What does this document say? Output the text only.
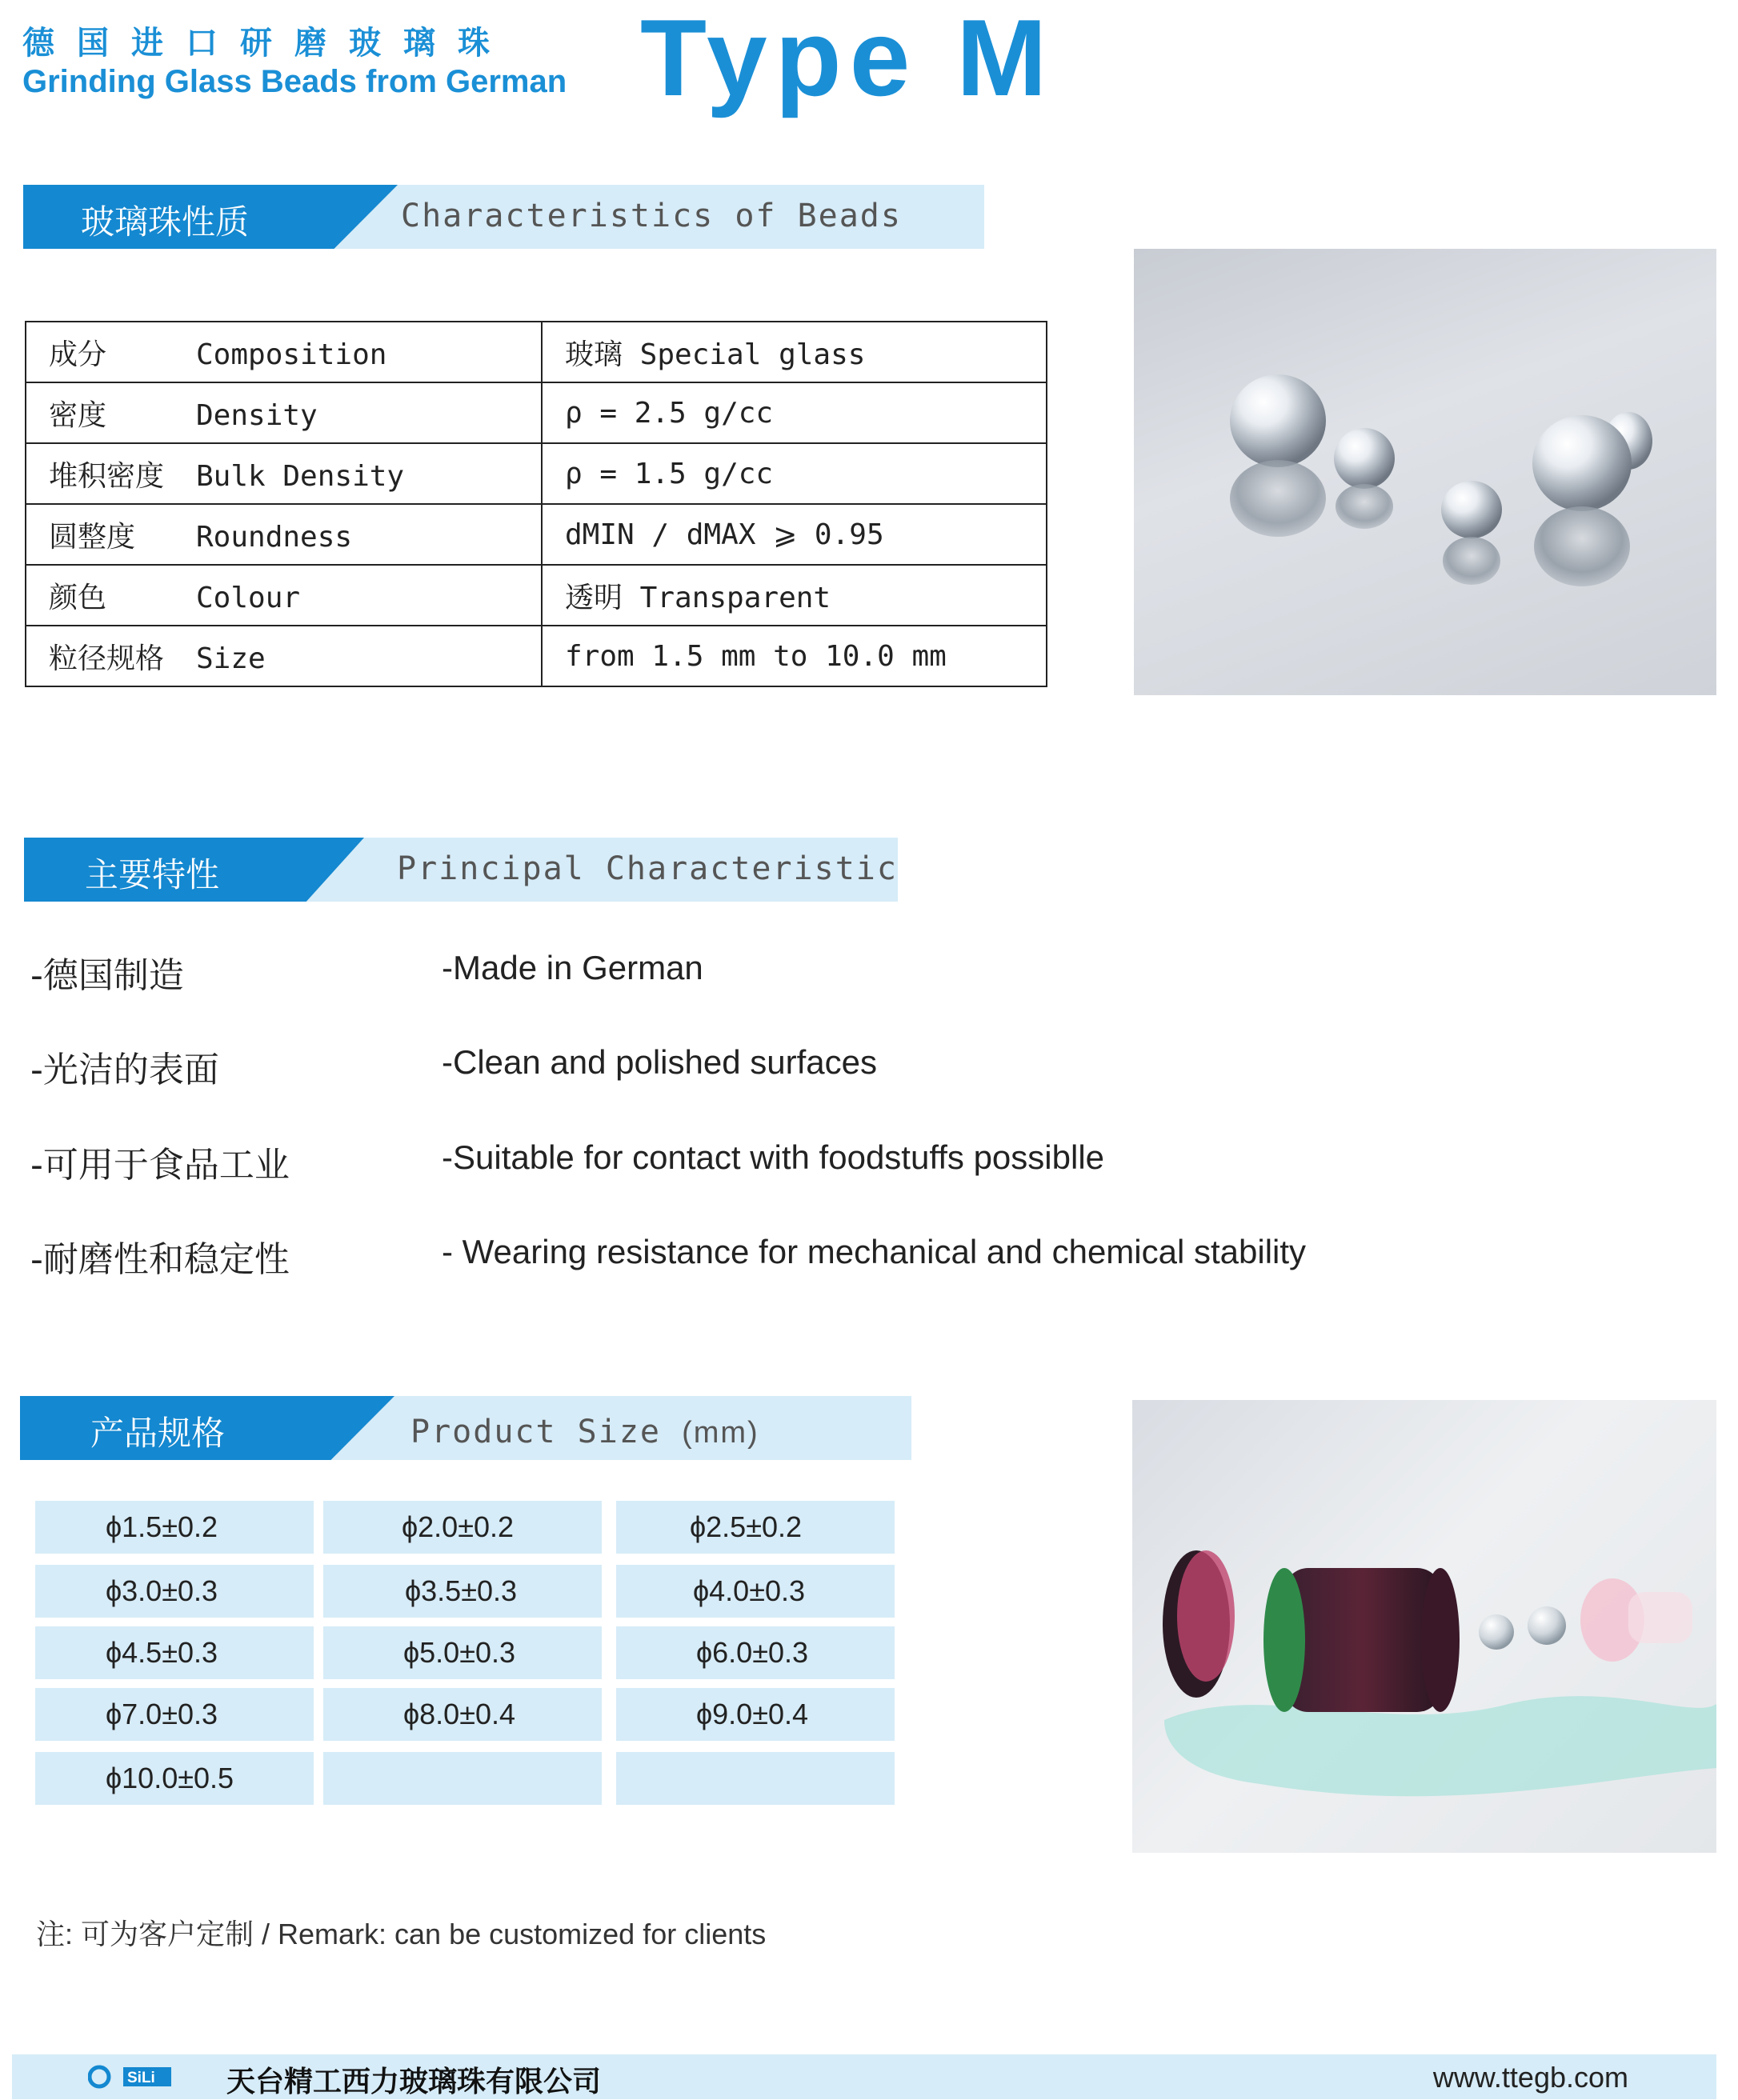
德国进口研磨玻璃珠
Grinding Glass Beads from German Type M
玻璃珠性质	Characteristics of Beads
成分 Composition	玻璃 Special glass
密度 Density	ρ = 2.5 g/cc
堆积密度 Bulk Density	ρ = 1.5 g/cc
圆整度 Roundness	dMIN / dMAX ⩾ 0.95
颜色 Colour	透明 Transparent
粒径规格 Size	from 1.5 mm to 10.0 mm
主要特性	Principal Characteristic
-德国制造	-Made in German
-光洁的表面	-Clean and polished surfaces
-可用于食品工业	-Suitable for contact with foodstuffs possiblle
-耐磨性和稳定性	- Wearing resistance for mechanical and chemical stability
产品规格	Product Size (mm)
ϕ1.5±0.2	ϕ2.0±0.2	ϕ2.5±0.2
ϕ3.0±0.3	ϕ3.5±0.3	ϕ4.0±0.3
ϕ4.5±0.3	ϕ5.0±0.3	ϕ6.0±0.3
ϕ7.0±0.3	ϕ8.0±0.4	ϕ9.0±0.4
ϕ10.0±0.5
注: 可为客户定制 / Remark: can be customized for clients
SiLi 天台精工西力玻璃珠有限公司	www.ttegb.com
